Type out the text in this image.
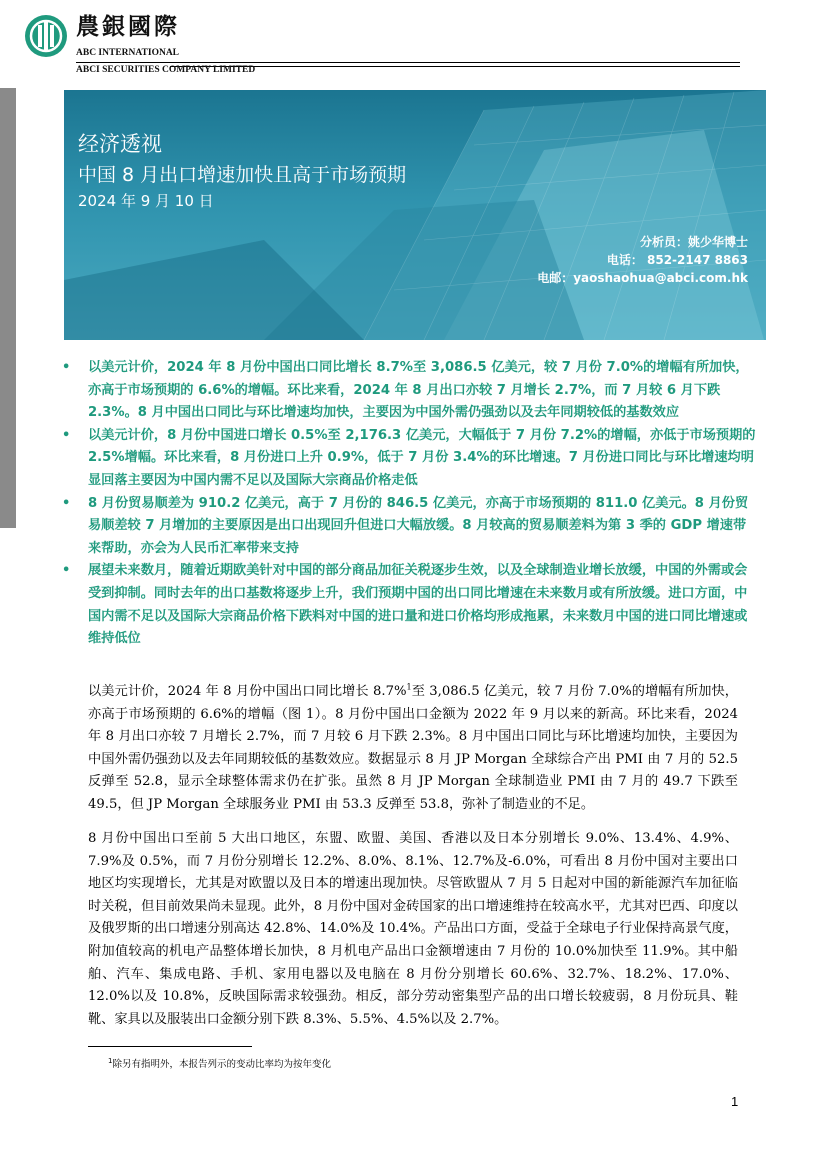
農銀國際
ABC INTERNATIONAL
ABCI SECURITIES COMPANY LIMITED
经济透视
中国 8 月出口增速加快且高于市场预期
2024 年 9 月 10 日
分析员：姚少华博士
电话： 852-2147 8863
电邮：yaoshaohua@abci.com.hk
• 以美元计价，2024 年 8 月份中国出口同比增长 8.7%至 3,086.5 亿美元，较 7 月份 7.0%的增幅有所加快，亦高于市场预期的 6.6%的增幅。环比来看，2024 年 8 月出口亦较 7 月增长 2.7%，而 7 月较 6 月下跌 2.3%。8 月中国出口同比与环比增速均加快，主要因为中国外需仍强劲以及去年同期较低的基数效应
• 以美元计价，8 月份中国进口增长 0.5%至 2,176.3 亿美元，大幅低于 7 月份 7.2%的增幅，亦低于市场预期的 2.5%增幅。环比来看，8 月份进口上升 0.9%，低于 7 月份 3.4%的环比增速。7 月份进口同比与环比增速均明显回落主要因为中国内需不足以及国际大宗商品价格走低
• 8 月份贸易顺差为 910.2 亿美元，高于 7 月份的 846.5 亿美元，亦高于市场预期的 811.0 亿美元。8 月份贸易顺差较 7 月增加的主要原因是出口出现回升但进口大幅放缓。8 月较高的贸易顺差料为第 3 季的 GDP 增速带来帮助，亦会为人民币汇率带来支持
• 展望未来数月，随着近期欧美针对中国的部分商品加征关税逐步生效，以及全球制造业增长放缓，中国的外需或会受到抑制。同时去年的出口基数将逐步上升，我们预期中国的出口同比增速在未来数月或有所放缓。进口方面，中国内需不足以及国际大宗商品价格下跌料对中国的进口量和进口价格均形成拖累，未来数月中国的进口同比增速或维持低位

以美元计价，2024 年 8 月份中国出口同比增长 8.7%$^1$至 3,086.5 亿美元，较 7 月份 7.0%的增幅有所加快，亦高于市场预期的 6.6%的增幅（图 1）。8 月份中国出口金额为 2022 年 9 月以来的新高。环比来看，2024 年 8 月出口亦较 7 月增长 2.7%，而 7 月较 6 月下跌 2.3%。8 月中国出口同比与环比增速均加快，主要因为中国外需仍强劲以及去年同期较低的基数效应。数据显示 8 月 JP Morgan 全球综合产出 PMI 由 7 月的 52.5 反弹至 52.8，显示全球整体需求仍在扩张。虽然 8 月 JP Morgan 全球制造业 PMI 由 7 月的 49.7 下跌至 49.5，但 JP Morgan 全球服务业 PMI 由 53.3 反弹至 53.8，弥补了制造业的不足。

8 月份中国出口至前 5 大出口地区，东盟、欧盟、美国、香港以及日本分别增长 9.0%、13.4%、4.9%、7.9%及 0.5%，而 7 月份分别增长 12.2%、8.0%、8.1%、12.7%及-6.0%，可看出 8 月份中国对主要出口地区均实现增长，尤其是对欧盟以及日本的增速出现加快。尽管欧盟从 7 月 5 日起对中国的新能源汽车加征临时关税，但目前效果尚未显现。此外，8 月份中国对金砖国家的出口增速维持在较高水平，尤其对巴西、印度以及俄罗斯的出口增速分别高达 42.8%、14.0%及 10.4%。产品出口方面，受益于全球电子行业保持高景气度，附加值较高的机电产品整体增长加快，8 月机电产品出口金额增速由 7 月份的 10.0%加快至 11.9%。其中船舶、汽车、集成电路、手机、家用电器以及电脑在 8 月份分别增长 60.6%、32.7%、18.2%、17.0%、12.0%以及 10.8%，反映国际需求较强劲。相反，部分劳动密集型产品的出口增长较疲弱，8 月份玩具、鞋靴、家具以及服装出口金额分别下跌 8.3%、5.5%、4.5%以及 2.7%。

$^1$除另有指明外，本报告列示的变动比率均为按年变化
1
